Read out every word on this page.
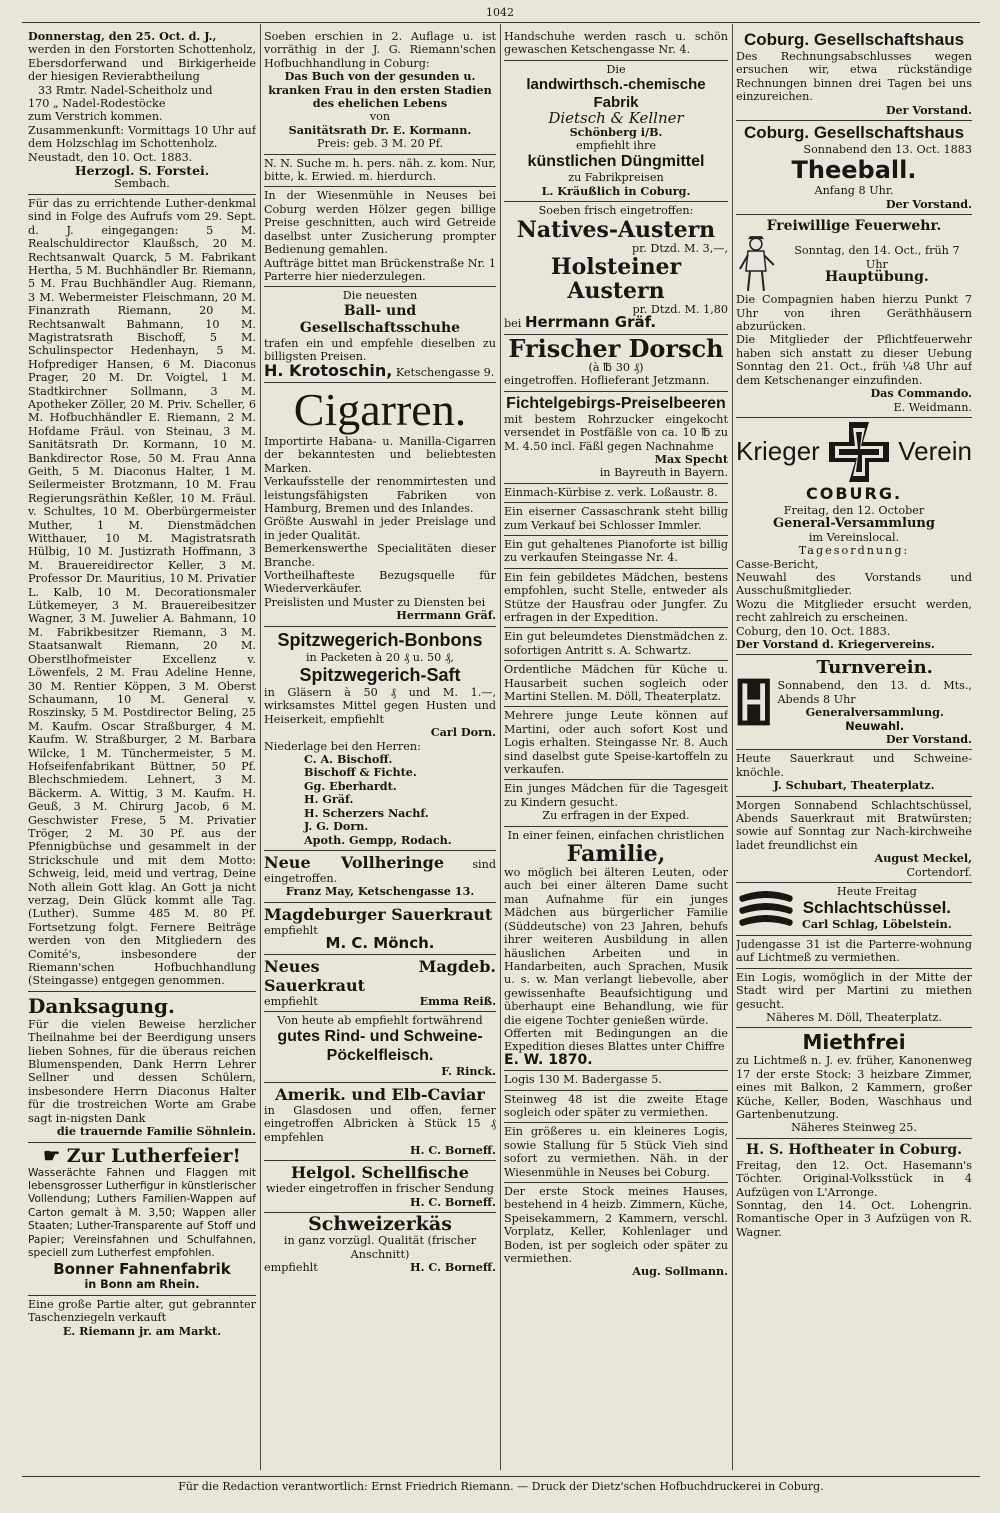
1042

Donnerstag, den 25. Oct. d. J.,

werden in den Forstorten Schottenholz, Ebersdorferwand und Birkigerheide der hiesigen Revierabtheilung

33 Rmtr. Nadel-Scheitholz und

170 „ Nadel-Rodestöcke

zum Verstrich kommen.

Zusammenkunft: Vormittags 10 Uhr auf dem Holzschlag im Schottenholz.

Neustadt, den 10. Oct. 1883.

Herzogl. S. Forstei.

Sembach.

Für das zu errichtende Luther-denkmal sind in Folge des Aufrufs vom 29. Sept. d. J. eingegangen: 5 M. Realschuldirector Klaußsch, 20 M. Rechtsanwalt Quarck, 5 M. Fabrikant Hertha, 5 M. Buchhändler Br. Riemann, 5 M. Frau Buchhändler Aug. Riemann, 3 M. Webermeister Fleischmann, 20 M. Finanzrath Riemann, 20 M. Rechtsanwalt Bahmann, 10 M. Magistratsrath Bischoff, 5 M. Schulinspector Hedenhayn, 5 M. Hofprediger Hansen, 6 M. Diaconus Prager, 20 M. Dr. Voigtel, 1 M. Stadtkirchner Sollmann, 3 M. Apotheker Zöller, 20 M. Priv. Scheller, 6 M. Hofbuchhändler E. Riemann, 2 M. Hofdame Fräul. von Steinau, 3 M. Sanitätsrath Dr. Kormann, 10 M. Bankdirector Rose, 50 M. Frau Anna Geith, 5 M. Diaconus Halter, 1 M. Seilermeister Brotzmann, 10 M. Frau Regierungsräthin Keßler, 10 M. Fräul. v. Schultes, 10 M. Oberbürgermeister Muther, 1 M. Dienstmädchen Witthauer, 10 M. Magistratsrath Hülbig, 10 M. Justizrath Hoffmann, 3 M. Brauereidirector Keller, 3 M. Professor Dr. Mauritius, 10 M. Privatier L. Kalb, 10 M. Decorationsmaler Lütkemeyer, 3 M. Brauereibesitzer Wagner, 3 M. Juwelier A. Bahmann, 10 M. Fabrikbesitzer Riemann, 3 M. Staatsanwalt Riemann, 20 M. Oberstlhofmeister Excellenz v. Löwenfels, 2 M. Frau Adeline Henne, 30 M. Rentier Köppen, 3 M. Oberst Schaumann, 10 M. General v. Roszinsky, 5 M. Postdirector Beling, 25 M. Kaufm. Oscar Straßburger, 4 M. Kaufm. W. Straßburger, 2 M. Barbara Wilcke, 1 M. Tünchermeister, 5 M. Hofseifenfabrikant Büttner, 50 Pf. Blechschmiedem. Lehnert, 3 M. Bäckerm. A. Wittig, 3 M. Kaufm. H. Geuß, 3 M. Chirurg Jacob, 6 M. Geschwister Frese, 5 M. Privatier Tröger, 2 M. 30 Pf. aus der Pfennigbüchse und gesammelt in der Strickschule und mit dem Motto: Schweig, leid, meid und vertrag, Deine Noth allein Gott klag. An Gott ja nicht verzag, Dein Glück kommt alle Tag. (Luther). Summe 485 M. 80 Pf. Fortsetzung folgt. Fernere Beiträge werden von den Mitgliedern des Comité's, insbesondere der Riemann'schen Hofbuchhandlung (Steingasse) entgegen genommen.

Danksagung.

Für die vielen Beweise herzlicher Theilnahme bei der Beerdigung unsers lieben Sohnes, für die überaus reichen Blumenspenden, Dank Herrn Lehrer Sellner und dessen Schülern, insbesondere Herrn Diaconus Halter für die trostreichen Worte am Grabe sagt in-nigsten Dank

die trauernde Familie Söhnlein.

☛ Zur Lutherfeier!

Wasserächte Fahnen und Flaggen mit lebensgrosser Lutherfigur in künstlerischer Vollendung; Luthers Familien-Wappen auf Carton gemalt à M. 3,50; Wappen aller Staaten; Luther-Transparente auf Stoff und Papier; Vereinsfahnen und Schulfahnen, speciell zum Lutherfest empfohlen.

Bonner Fahnenfabrik

in Bonn am Rhein.

Eine große Partie alter, gut gebrannter Taschenziegeln verkauft

E. Riemann jr. am Markt.

Soeben erschien in 2. Auflage u. ist vorräthig in der J. G. Riemann'schen Hofbuchhandlung in Coburg:

Das Buch von der gesunden u. kranken Frau in den ersten Stadien des ehelichen Lebens

von

Sanitätsrath Dr. E. Kormann.

Preis: geb. 3 M. 20 Pf.

N. N. Suche m. h. pers. näh. z. kom. Nur, bitte, k. Erwied. m. hierdurch.

In der Wiesenmühle in Neuses bei Coburg werden Hölzer gegen billige Preise geschnitten, auch wird Getreide daselbst unter Zusicherung prompter Bedienung gemahlen.

Aufträge bittet man Brückenstraße Nr. 1 Parterre hier niederzulegen.

Die neuesten

Ball- und Gesellschaftsschuhe

trafen ein und empfehle dieselben zu billigsten Preisen.

H. Krotoschin, Ketschengasse 9.

Cigarren.

Importirte Habana- u. Manilla-Cigarren der bekanntesten und beliebtesten Marken.

Verkaufsstelle der renommirtesten und leistungsfähigsten Fabriken von Hamburg, Bremen und des Inlandes.

Größte Auswahl in jeder Preislage und in jeder Qualität.

Bemerkenswerthe Specialitäten dieser Branche.

Vortheilhafteste Bezugsquelle für Wiederverkäufer.

Preislisten und Muster zu Diensten bei

Herrmann Gräf.

Spitzwegerich-Bonbons

in Packeten à 20 ₰ u. 50 ₰,

Spitzwegerich-Saft

in Gläsern à 50 ₰ und M. 1.—, wirksamstes Mittel gegen Husten und Heiserkeit, empfiehlt

Carl Dorn.

Niederlage bei den Herren:

C. A. Bischoff.
Bischoff & Fichte.
Gg. Eberhardt.
H. Gräf.
H. Scherzers Nachf.
J. G. Dorn.
Apoth. Gempp, Rodach.

Neue Vollheringe	sind eingetroffen.

Franz May, Ketschengasse 13.

Magdeburger Sauerkraut

empfiehlt

M. C. Mönch.

Neues Magdeb. Sauerkraut

empfiehlt	Emma Reiß.

Von heute ab empfiehlt fortwährend

gutes Rind- und Schweine-Pöckelfleisch.

F. Rinck.

Amerik. und Elb-Caviar

in Glasdosen und offen, ferner eingetroffen Albricken à Stück 15 ₰ empfehlen

H. C. Borneff.

Helgol. Schellfische

wieder eingetroffen in frischer Sendung

H. C. Borneff.

Schweizerkäs

in ganz vorzügl. Qualität (frischer Anschnitt)

empfiehlt	H. C. Borneff.

Handschuhe werden rasch u. schön gewaschen Ketschengasse Nr. 4.

Die

landwirthsch.-chemische Fabrik

Dietsch & Kellner

Schönberg i/B.

empfiehlt ihre

künstlichen Düngmittel

zu Fabrikpreisen

L. Kräußlich in Coburg.

Soeben frisch eingetroffen:

Natives-Austern

pr. Dtzd. M. 3,—,

Holsteiner Austern

pr. Dtzd. M. 1,80

bei Herrmann Gräf.

Frischer Dorsch

(à ℔ 30 ₰)

eingetroffen. Hoflieferant Jetzmann.

Fichtelgebirgs-Preiselbeeren

mit bestem Rohrzucker eingekocht versendet in Postfäßle von ca. 10 ℔ zu M. 4.50 incl. Fäßl gegen Nachnahme

Max Specht

in Bayreuth in Bayern.

Einmach-Kürbise z. verk. Loßaustr. 8.

Ein eiserner Cassaschrank steht billig zum Verkauf bei Schlosser Immler.

Ein gut gehaltenes Pianoforte ist billig zu verkaufen Steingasse Nr. 4.

Ein fein gebildetes Mädchen, bestens empfohlen, sucht Stelle, entweder als Stütze der Hausfrau oder Jungfer. Zu erfragen in der Expedition.

Ein gut beleumdetes Dienstmädchen z. sofortigen Antritt s. A. Schwartz.

Ordentliche Mädchen für Küche u. Hausarbeit suchen sogleich oder Martini Stellen. M. Döll, Theaterplatz.

Mehrere junge Leute können auf Martini, oder auch sofort Kost und Logis erhalten. Steingasse Nr. 8. Auch sind daselbst gute Speise-kartoffeln zu verkaufen.

Ein junges Mädchen für die Tagesgeit zu Kindern gesucht.

Zu erfragen in der Exped.

In einer feinen, einfachen christlichen

Familie,

wo möglich bei älteren Leuten, oder auch bei einer älteren Dame sucht man Aufnahme für ein junges Mädchen aus bürgerlicher Familie (Süddeutsche) von 23 Jahren, behufs ihrer weiteren Ausbildung in allen häuslichen Arbeiten und in Handarbeiten, auch Sprachen, Musik u. s. w. Man verlangt liebevolle, aber gewissenhafte Beaufsichtigung und überhaupt eine Behandlung, wie für die eigene Tochter genießen würde.

Offerten mit Bedingungen an die Expedition dieses Blattes unter Chiffre

E. W. 1870.

Logis 130 M. Badergasse 5.

Steinweg 48 ist die zweite Etage sogleich oder später zu vermiethen.

Ein größeres u. ein kleineres Logis, sowie Stallung für 5 Stück Vieh sind sofort zu vermiethen. Näh. in der Wiesenmühle in Neuses bei Coburg.

Der erste Stock meines Hauses, bestehend in 4 heizb. Zimmern, Küche, Speisekammern, 2 Kammern, verschl. Vorplatz, Keller, Kohlenlager und Boden, ist per sogleich oder später zu vermiethen.

Aug. Sollmann.

Coburg. Gesellschaftshaus

Des Rechnungsabschlusses wegen ersuchen wir, etwa rückständige Rechnungen binnen drei Tagen bei uns einzureichen.

Der Vorstand.

Coburg. Gesellschaftshaus

Sonnabend den 13. Oct. 1883

Theeball.

Anfang 8 Uhr.

Der Vorstand.

Freiwillige Feuerwehr.

Sonntag, den 14. Oct., früh 7 Uhr

Hauptübung.

Die Compagnien haben hierzu Punkt 7 Uhr von ihren Geräthhäusern abzurücken.

Die Mitglieder der Pflichtfeuerwehr haben sich anstatt zu dieser Uebung Sonntag den 21. Oct., früh ¼8 Uhr auf dem Ketschenanger einzufinden.

Das Commando.

E. Weidmann.

Krieger	Verein

COBURG.

Freitag, den 12. October

General-Versammlung

im Vereinslocal.

Tagesordnung:

Casse-Bericht,

Neuwahl des Vorstands und Ausschußmitglieder.

Wozu die Mitglieder ersucht werden, recht zahlreich zu erscheinen.

Coburg, den 10. Oct. 1883.

Der Vorstand d. Kriegervereins.

Turnverein.

Sonnabend, den 13. d. Mts., Abends 8 Uhr

Generalversammlung.

Neuwahl.

Der Vorstand.

Heute Sauerkraut und Schweine-knöchle.

J. Schubart, Theaterplatz.

Morgen Sonnabend Schlachtschüssel, Abends Sauerkraut mit Bratwürsten; sowie auf Sonntag zur Nach-kirchweihe ladet freundlichst ein

August Meckel,

Cortendorf.

Heute Freitag

Schlachtschüssel.

Carl Schlag, Löbelstein.

Judengasse 31 ist die Parterre-wohnung auf Lichtmeß zu vermiethen.

Ein Logis, womöglich in der Mitte der Stadt wird per Martini zu miethen gesucht.

Näheres M. Döll, Theaterplatz.

Miethfrei

zu Lichtmeß n. J. ev. früher, Kanonenweg 17 der erste Stock: 3 heizbare Zimmer, eines mit Balkon, 2 Kammern, großer Küche, Keller, Boden, Waschhaus und Gartenbenutzung.

Näheres Steinweg 25.

H. S. Hoftheater in Coburg.

Freitag, den 12. Oct. Hasemann's Töchter. Original-Volksstück in 4 Aufzügen von L'Arronge.

Sonntag, den 14. Oct. Lohengrin. Romantische Oper in 3 Aufzügen von R. Wagner.

Für die Redaction verantwortlich: Ernst Friedrich Riemann. — Druck der Dietz'schen Hofbuchdruckerei in Coburg.
